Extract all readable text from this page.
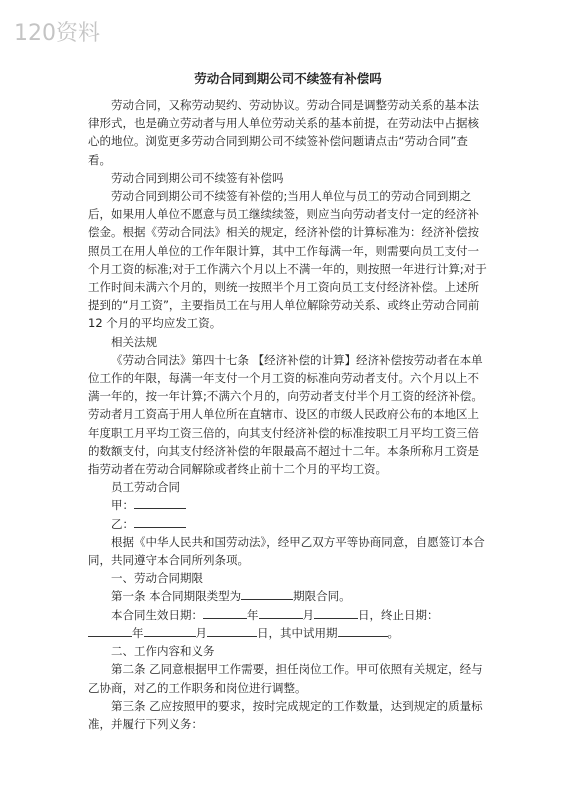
120资料
劳动合同到期公司不续签有补偿吗

劳动合同，又称劳动契约、劳动协议。劳动合同是调整劳动关系的基本法律形式，也是确立劳动者与用人单位劳动关系的基本前提，在劳动法中占据核心的地位。浏览更多劳动合同到期公司不续签补偿问题请点击“劳动合同”查看。

劳动合同到期公司不续签有补偿吗

劳动合同到期公司不续签有补偿的;当用人单位与员工的劳动合同到期之后，如果用人单位不愿意与员工继续续签，则应当向劳动者支付一定的经济补偿金。根据《劳动合同法》相关的规定，经济补偿的计算标准为：经济补偿按照员工在用人单位的工作年限计算，其中工作每满一年，则需要向员工支付一个月工资的标准;对于工作满六个月以上不满一年的，则按照一年进行计算;对于工作时间未满六个月的，则统一按照半个月工资向员工支付经济补偿。上述所提到的“月工资”，主要指员工在与用人单位解除劳动关系、或终止劳动合同前 12 个月的平均应发工资。

相关法规

《劳动合同法》第四十七条 【经济补偿的计算】经济补偿按劳动者在本单位工作的年限，每满一年支付一个月工资的标准向劳动者支付。六个月以上不满一年的，按一年计算;不满六个月的，向劳动者支付半个月工资的经济补偿。劳动者月工资高于用人单位所在直辖市、设区的市级人民政府公布的本地区上年度职工月平均工资三倍的，向其支付经济补偿的标准按职工月平均工资三倍的数额支付，向其支付经济补偿的年限最高不超过十二年。本条所称月工资是指劳动者在劳动合同解除或者终止前十二个月的平均工资。

员工劳动合同

甲：

乙：

根据《中华人民共和国劳动法》，经甲乙双方平等协商同意，自愿签订本合同，共同遵守本合同所列条项。

一、劳动合同期限

第一条 本合同期限类型为	期限合同。

本合同生效日期：	年	月	日，终止日期：

年	月	日，其中试用期	。

二、工作内容和义务

第二条 乙同意根据甲工作需要，担任岗位工作。甲可依照有关规定，经与乙协商，对乙的工作职务和岗位进行调整。

第三条 乙应按照甲的要求，按时完成规定的工作数量，达到规定的质量标准，并履行下列义务：
